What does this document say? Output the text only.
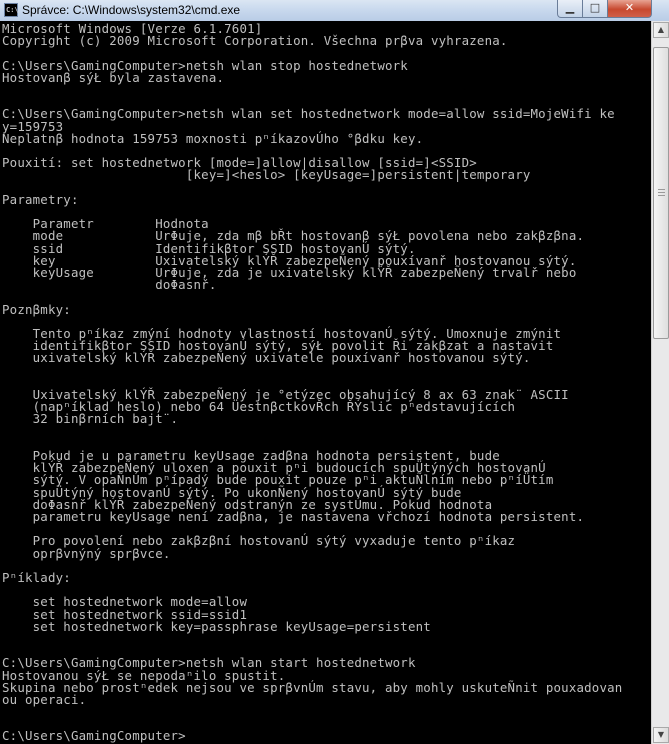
C:\ Správce: C:\Windows\system32\cmd.exe	▁	□	✕
Microsoft Windows [Verze 6.1.7601]
Copyright (c) 2009 Microsoft Corporation. Všechna prβva vyhrazena.
C:\Users\GamingComputer>netsh wlan stop hostednetwork
Hostovanβ sýŁ byla zastavena.
C:\Users\GamingComputer>netsh wlan set hostednetwork mode=allow ssid=MojeWifi ke
y=159753
Neplatnβ hodnota 159753 moxnosti pⁿíkazovÚho °βdku key.
Pouxití: set hostednetwork [mode=]allow|disallow [ssid=]<SSID>
[key=]<heslo> [keyUsage=]persistent|temporary
Parametry:
Parametr        Hodnota
mode            UrΦuje, zda mβ bŘt hostovanβ sýŁ povolena nebo zakβzβna.
ssid            Identifikβtor SSID hostovanÚ sýtý.
key             Uxivatelský klÝŘ zabezpeÑený pouxívanř hostovanou sýtý.
keyUsage        UrΦuje, zda je uxivatelský klÝŘ zabezpeÑený trvalř nebo
doΦasnř.
Poznβmky:
Tento pⁿíkaz zmýní hodnoty vlastností hostovanÚ sýtý. Umoxnuje zmýnit
identifikβtor SSID hostovanÚ sýtý, sýŁ povolit Ři zakβzat a nastavit
uxivatelský klÝŘ zabezpeÑený uxivatele pouxívanř hostovanou sýtý.
Uxivatelský klÝŘ zabezpeÑený je °etýzec obsahujícý 8 ax 63 znak¨ ASCII
(napⁿíklad heslo) nebo 64 ÜestnβctkovŘch ŘÝslic pⁿedstavujících
32 binβrních bajt¨.
Pokud je u parametru keyUsage zadβna hodnota persistent, bude
klÝŘ zabezpeÑený uloxen a pouxit pⁿi budoucích spuÜtýných hostovanÚ
sýtý. V opaÑnÚm pⁿípadý bude pouxit pouze pⁿi aktuÑlním nebo pⁿíÜtím
spuÜtýný hostovanÚ sýtý. Po ukonÑený hostovanÚ sýtý bude
doΦasnř klÝŘ zabezpeÑený odstranýn ze systÚmu. Pokud hodnota
parametru keyUsage není zadβna, je nastavena vřchozí hodnota persistent.
Pro povolení nebo zakβzβní hostovanÚ sýtý vyxaduje tento pⁿíkaz
oprβvnýný sprβvce.
Pⁿíklady:
set hostednetwork mode=allow
set hostednetwork ssid=ssid1
set hostednetwork key=passphrase keyUsage=persistent
C:\Users\GamingComputer>netsh wlan start hostednetwork
Hostovanou sýŁ se nepodaⁿilo spustit.
Skupina nebo prostⁿedek nejsou ve sprβvnÚm stavu, aby mohly uskuteÑnit pouxadovan
ou operaci.
C:\Users\GamingComputer>
▲
▼
